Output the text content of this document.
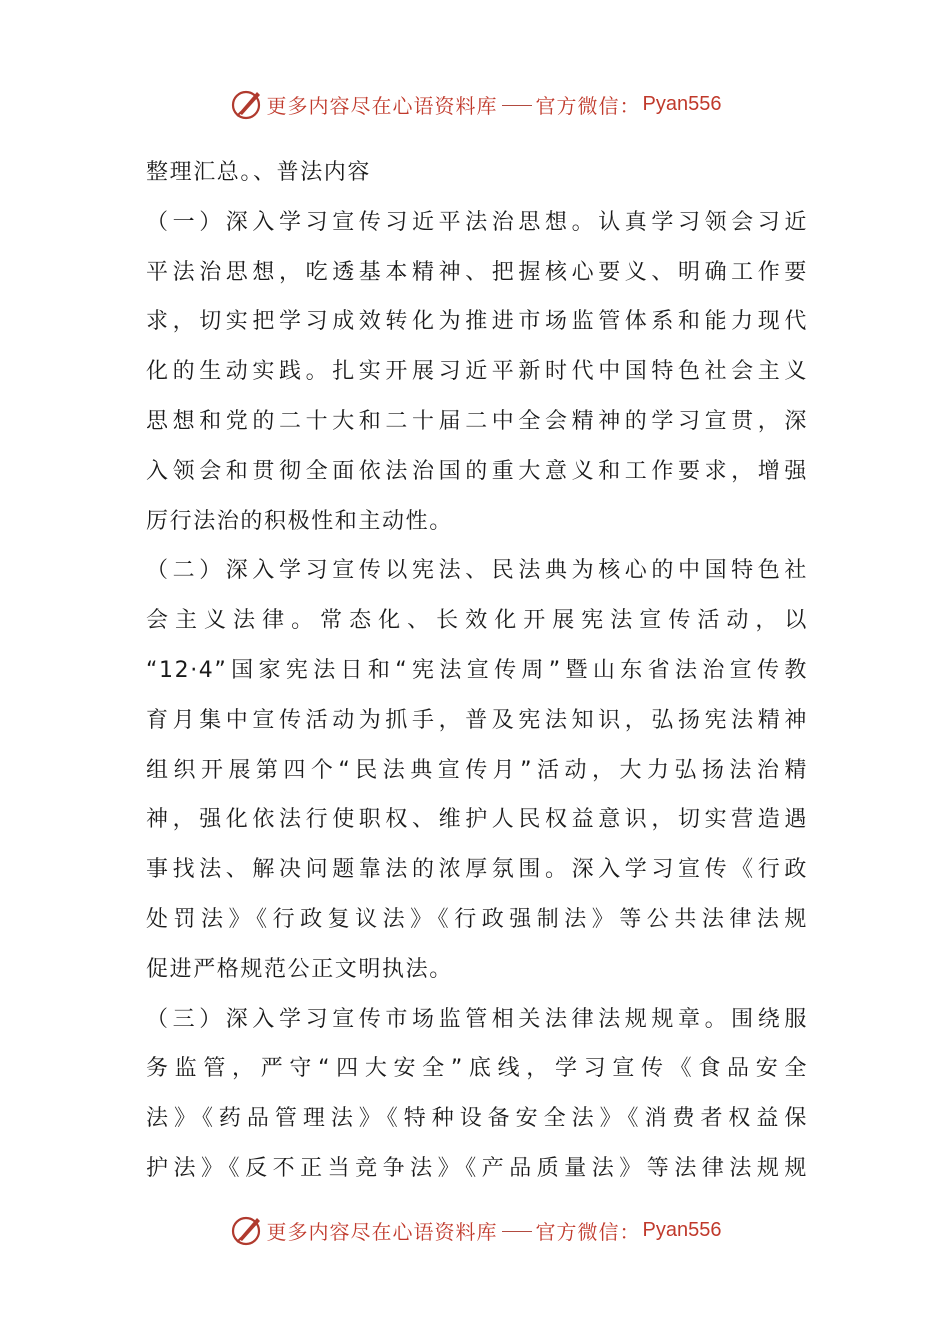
更多内容尽在心语资料库 官方微信： Pyan556
整理汇总。、普法内容
（一）深入学习宣传习近平法治思想。认真学习领会习近
平法治思想，吃透基本精神、把握核心要义、明确工作要
求，切实把学习成效转化为推进市场监管体系和能力现代
化的生动实践。扎实开展习近平新时代中国特色社会主义
思想和党的二十大和二十届二中全会精神的学习宣贯，深
入领会和贯彻全面依法治国的重大意义和工作要求，增强
厉行法治的积极性和主动性。
（二）深入学习宣传以宪法、民法典为核心的中国特色社
会主义法律。常态化、长效化开展宪法宣传活动，以
“12·4”国家宪法日和“宪法宣传周”暨山东省法治宣传教
育月集中宣传活动为抓手，普及宪法知识，弘扬宪法精神
组织开展第四个“民法典宣传月”活动，大力弘扬法治精
神，强化依法行使职权、维护人民权益意识，切实营造遇
事找法、解决问题靠法的浓厚氛围。深入学习宣传《行政
处罚法》《行政复议法》《行政强制法》等公共法律法规
促进严格规范公正文明执法。
（三）深入学习宣传市场监管相关法律法规规章。围绕服
务监管，严守“四大安全”底线，学习宣传《食品安全
法》《药品管理法》《特种设备安全法》《消费者权益保
护法》《反不正当竞争法》《产品质量法》等法律法规规
更多内容尽在心语资料库 官方微信： Pyan556
